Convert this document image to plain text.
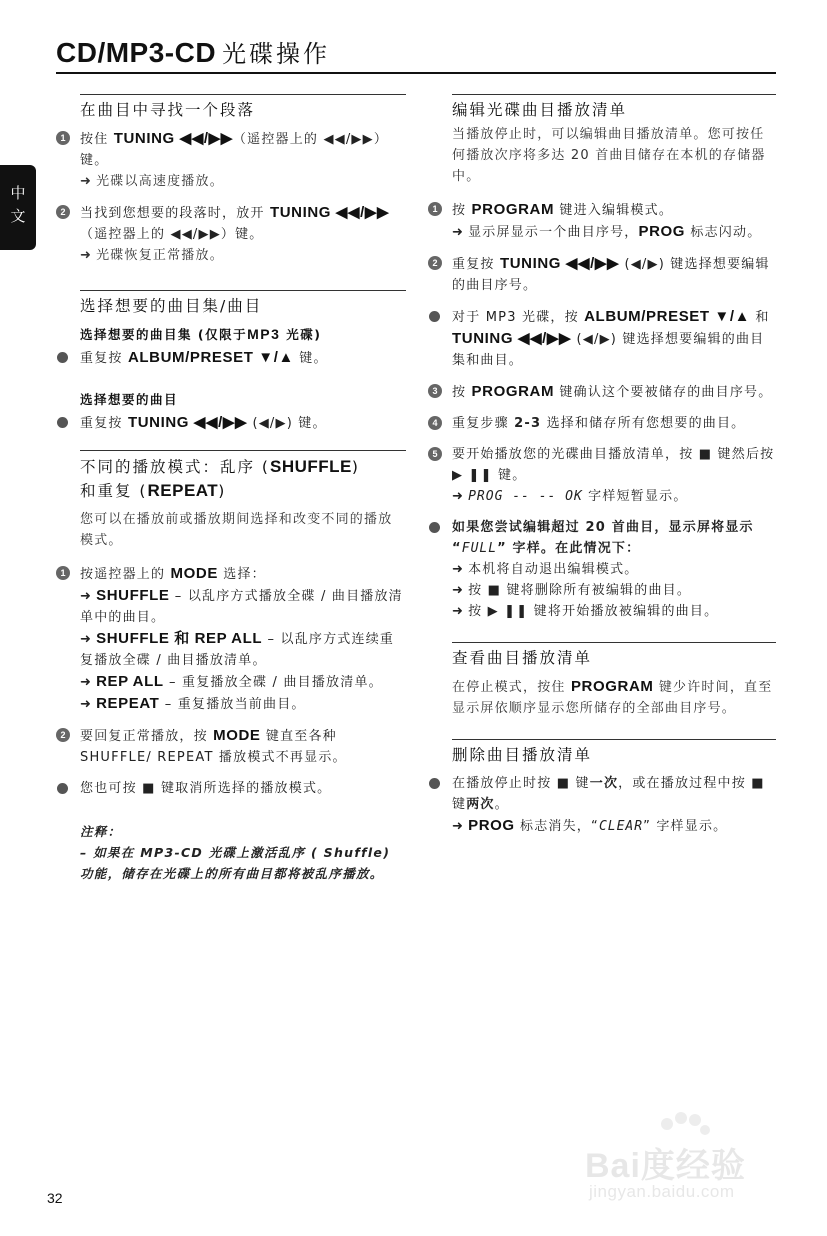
CD/MP3-CD 光碟操作
中文
在曲目中寻找一个段落
1	按住 TUNING ◀◀/▶▶（遥控器上的 ◀◀/▶▶）键。
➜ 光碟以高速度播放。
2	当找到您想要的段落时，放开 TUNING ◀◀/▶▶（遥控器上的 ◀◀/▶▶）键。
➜ 光碟恢复正常播放。
选择想要的曲目集/曲目
选择想要的曲目集 (仅限于MP3 光碟)
重复按 ALBUM/PRESET ▼/▲ 键。
选择想要的曲目
重复按 TUNING ◀◀/▶▶ (◀/▶) 键。
不同的播放模式：乱序 (SHUFFLE)
和重复 (REPEAT)
您可以在播放前或播放期间选择和改变不同的播放模式。
1	按遥控器上的 MODE 选择：
➜ SHUFFLE – 以乱序方式播放全碟 / 曲目播放清单中的曲目。
➜ SHUFFLE 和 REP ALL – 以乱序方式连续重复播放全碟 / 曲目播放清单。
➜ REP ALL – 重复播放全碟 / 曲目播放清单。
➜ REPEAT – 重复播放当前曲目。
2	要回复正常播放，按 MODE 键直至各种 SHUFFLE/ REPEAT 播放模式不再显示。
您也可按 ■ 键取消所选择的播放模式。
注释：
– 如果在 MP3-CD 光碟上激活乱序 ( Shuffle) 功能，储存在光碟上的所有曲目都将被乱序播放。
编辑光碟曲目播放清单
当播放停止时，可以编辑曲目播放清单。您可按任何播放次序将多达 20 首曲目储存在本机的存储器中。
1	按 PROGRAM 键进入编辑模式。
➜ 显示屏显示一个曲目序号，PROG 标志闪动。
2	重复按 TUNING ◀◀/▶▶ (◀/▶) 键选择想要编辑的曲目序号。
对于 MP3 光碟，按 ALBUM/PRESET ▼/▲ 和 TUNING ◀◀/▶▶ (◀/▶) 键选择想要编辑的曲目集和曲目。
3	按 PROGRAM 键确认这个要被储存的曲目序号。
4	重复步骤 2-3 选择和储存所有您想要的曲目。
5	要开始播放您的光碟曲目播放清单，按 ■ 键然后按 ▶ ❚❚ 键。
➜ PROG -- -- OK 字样短暂显示。
如果您尝试编辑超过 20 首曲目，显示屏将显示 “FULL” 字样。在此情况下：
➜ 本机将自动退出编辑模式。
➜ 按 ■ 键将删除所有被编辑的曲目。
➜ 按 ▶ ❚❚ 键将开始播放被编辑的曲目。
查看曲目播放清单
在停止模式，按住 PROGRAM 键少许时间，直至显示屏依顺序显示您所储存的全部曲目序号。
删除曲目播放清单
在播放停止时按 ■ 键一次，或在播放过程中按 ■ 键两次。
➜ PROG 标志消失，“CLEAR” 字样显示。
Bai度经验
jingyan.baidu.com
32
